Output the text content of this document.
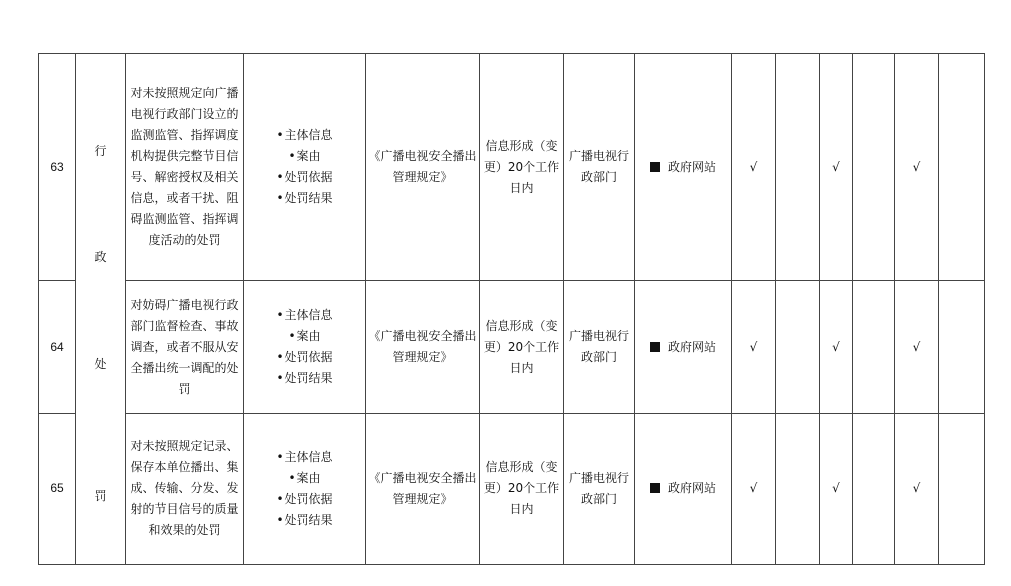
63	行
政
处
罚	对未按照规定向广播电视行政部门设立的监测监管、指挥调度机构提供完整节目信号、解密授权及相关信息，或者干扰、阻碍监测监管、指挥调度活动的处罚	• 主体信息
• 案由
• 处罚依据
• 处罚结果	《广播电视安全播出管理规定》	信息形成（变更）20个工作日内	广播电视行政部门	政府网站	√		√		√	
64		对妨碍广播电视行政部门监督检查、事故调查，或者不服从安全播出统一调配的处罚	• 主体信息
• 案由
• 处罚依据
• 处罚结果	《广播电视安全播出管理规定》	信息形成（变更）20个工作日内	广播电视行政部门	政府网站	√		√		√	
65		对未按照规定记录、保存本单位播出、集成、传输、分发、发射的节目信号的质量和效果的处罚	• 主体信息
• 案由
• 处罚依据
• 处罚结果	《广播电视安全播出管理规定》	信息形成（变更）20个工作日内	广播电视行政部门	政府网站	√		√		√	
